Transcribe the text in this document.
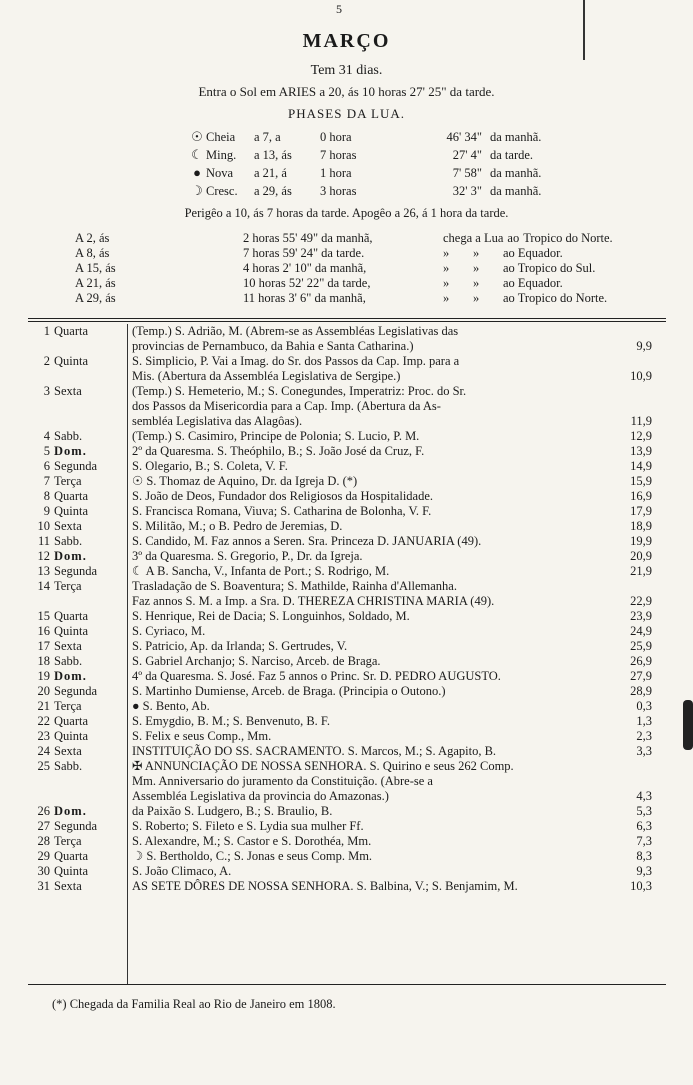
5
MARÇO
Tem 31 dias.
Entra o Sol em ARIES a 20, ás 10 horas 27' 25" da tarde.
PHASES DA LUA.
☉ Cheia	a 7, a	0 hora	46' 34" da manhã.
☾ Ming.	a 13, ás	7 horas	27' 4" da tarde.
● Nova	a 21, á	1 hora	7' 58" da manhã.
☽ Cresc.	a 29, ás	3 horas	32' 3" da manhã.
Perigêo a 10, ás 7 horas da tarde. Apogêo a 26, á 1 hora da tarde.
A 2, ás	2 horas 55' 49" da manhã,	chega a Lua ao Tropico do Norte.
A 8, ás	7 horas 59' 24" da tarde.	»	»	ao Equador.
A 15, ás	4 horas 2' 10" da manhã,	»	»	ao Tropico do Sul.
A 21, ás	10 horas 52' 22" da tarde,	»	»	ao Equador.
A 29, ás	11 horas 3' 6" da manhã,	»	»	ao Tropico do Norte.
1 Quarta	(Temp.) S. Adrião, M. (Abrem-se as Assembléas Legislativas das
provincias de Pernambuco, da Bahia e Santa Catharina.)	9,9
2 Quinta	S. Simplicio, P. Vai a Imag. do Sr. dos Passos da Cap. Imp. para a
Mis. (Abertura da Assembléa Legislativa de Sergipe.)	10,9
3 Sexta	(Temp.) S. Hemeterio, M.; S. Conegundes, Imperatriz: Proc. do Sr.
dos Passos da Misericordia para a Cap. Imp. (Abertura da As-
sembléa Legislativa das Alagôas).	11,9
4 Sabb.	(Temp.) S. Casimiro, Principe de Polonia; S. Lucio, P. M.	12,9
5 Dom.	2º da Quaresma. S. Theóphilo, B.; S. João José da Cruz, F.	13,9
6 Segunda	S. Olegario, B.; S. Coleta, V. F.	14,9
7 Terça	☉ S. Thomaz de Aquino, Dr. da Igreja D. (*)	15,9
8 Quarta	S. João de Deos, Fundador dos Religiosos da Hospitalidade.	16,9
9 Quinta	S. Francisca Romana, Viuva; S. Catharina de Bolonha, V. F.	17,9
10 Sexta	S. Militão, M.; o B. Pedro de Jeremias, D.	18,9
11 Sabb.	S. Candido, M. Faz annos a Seren. Sra. Princeza D. JANUARIA (49).	19,9
12 Dom.	3º da Quaresma. S. Gregorio, P., Dr. da Igreja.	20,9
13 Segunda	☾ A B. Sancha, V., Infanta de Port.; S. Rodrigo, M.	21,9
14 Terça	Trasladação de S. Boaventura; S. Mathilde, Rainha d'Allemanha.
Faz annos S. M. a Imp. a Sra. D. THEREZA CHRISTINA MARIA (49).	22,9
15 Quarta	S. Henrique, Rei de Dacia; S. Longuinhos, Soldado, M.	23,9
16 Quinta	S. Cyriaco, M.	24,9
17 Sexta	S. Patricio, Ap. da Irlanda; S. Gertrudes, V.	25,9
18 Sabb.	S. Gabriel Archanjo; S. Narciso, Arceb. de Braga.	26,9
19 Dom.	4º da Quaresma. S. José. Faz 5 annos o Princ. Sr. D. PEDRO AUGUSTO.	27,9
20 Segunda	S. Martinho Dumiense, Arceb. de Braga. (Principia o Outono.)	28,9
21 Terça	● S. Bento, Ab.	0,3
22 Quarta	S. Emygdio, B. M.; S. Benvenuto, B. F.	1,3
23 Quinta	S. Felix e seus Comp., Mm.	2,3
24 Sexta	INSTITUIÇÃO DO SS. SACRAMENTO. S. Marcos, M.; S. Agapito, B.	3,3
25 Sabb.	✠ ANNUNCIAÇÃO DE NOSSA SENHORA. S. Quirino e seus 262 Comp.
Mm. Anniversario do juramento da Constituição. (Abre-se a
Assembléa Legislativa da provincia do Amazonas.)	4,3
26 Dom.	da Paixão S. Ludgero, B.; S. Braulio, B.	5,3
27 Segunda	S. Roberto; S. Fileto e S. Lydia sua mulher Ff.	6,3
28 Terça	S. Alexandre, M.; S. Castor e S. Dorothéa, Mm.	7,3
29 Quarta	☽ S. Bertholdo, C.; S. Jonas e seus Comp. Mm.	8,3
30 Quinta	S. João Climaco, A.	9,3
31 Sexta	AS SETE DÔRES DE NOSSA SENHORA. S. Balbina, V.; S. Benjamim, M.	10,3
(*) Chegada da Familia Real ao Rio de Janeiro em 1808.
